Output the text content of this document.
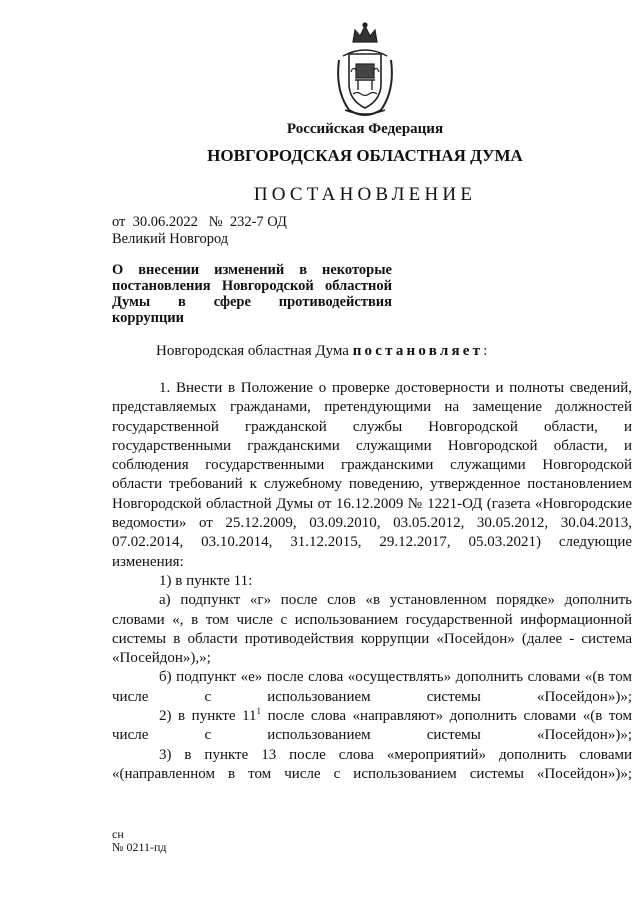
Российская Федерация
НОВГОРОДСКАЯ ОБЛАСТНАЯ ДУМА
ПОСТАНОВЛЕНИЕ
от  30.06.2022   №  232-7 ОД
Великий Новгород
О внесении изменений в некоторые постановления Новгородской областной Думы в сфере противодействия коррупции
Новгородская областная Дума постановляет:

1. Внести в Положение о проверке достоверности и полноты сведений, представляемых гражданами, претендующими на замещение должностей государственной гражданской службы Новгородской области, и государственными гражданскими служащими Новгородской области, и соблюдения государственными гражданскими служащими Новгородской области требований к служебному поведению, утвержденное постановлением Новгородской областной Думы от 16.12.2009 № 1221-ОД (газета «Новгородские ведомости» от 25.12.2009, 03.09.2010, 03.05.2012, 30.05.2012, 30.04.2013, 07.02.2014, 03.10.2014, 31.12.2015, 29.12.2017, 05.03.2021) следующие изменения:

1) в пункте 11:

а) подпункт «г» после слов «в установленном порядке» дополнить словами «, в том числе с использованием государственной информационной системы в области противодействия коррупции «Посейдон» (далее - система «Посейдон»),»;

б) подпункт «е» после слова «осуществлять» дополнить словами «(в том числе с использованием системы «Посейдон»)»;

2) в пункте $11^1$ после слова «направляют» дополнить словами «(в том числе с использованием системы «Посейдон»)»;

3) в пункте 13 после слова «мероприятий» дополнить словами «(направленном в том числе с использованием системы «Посейдон»)»;

сн
№ 0211-пд
